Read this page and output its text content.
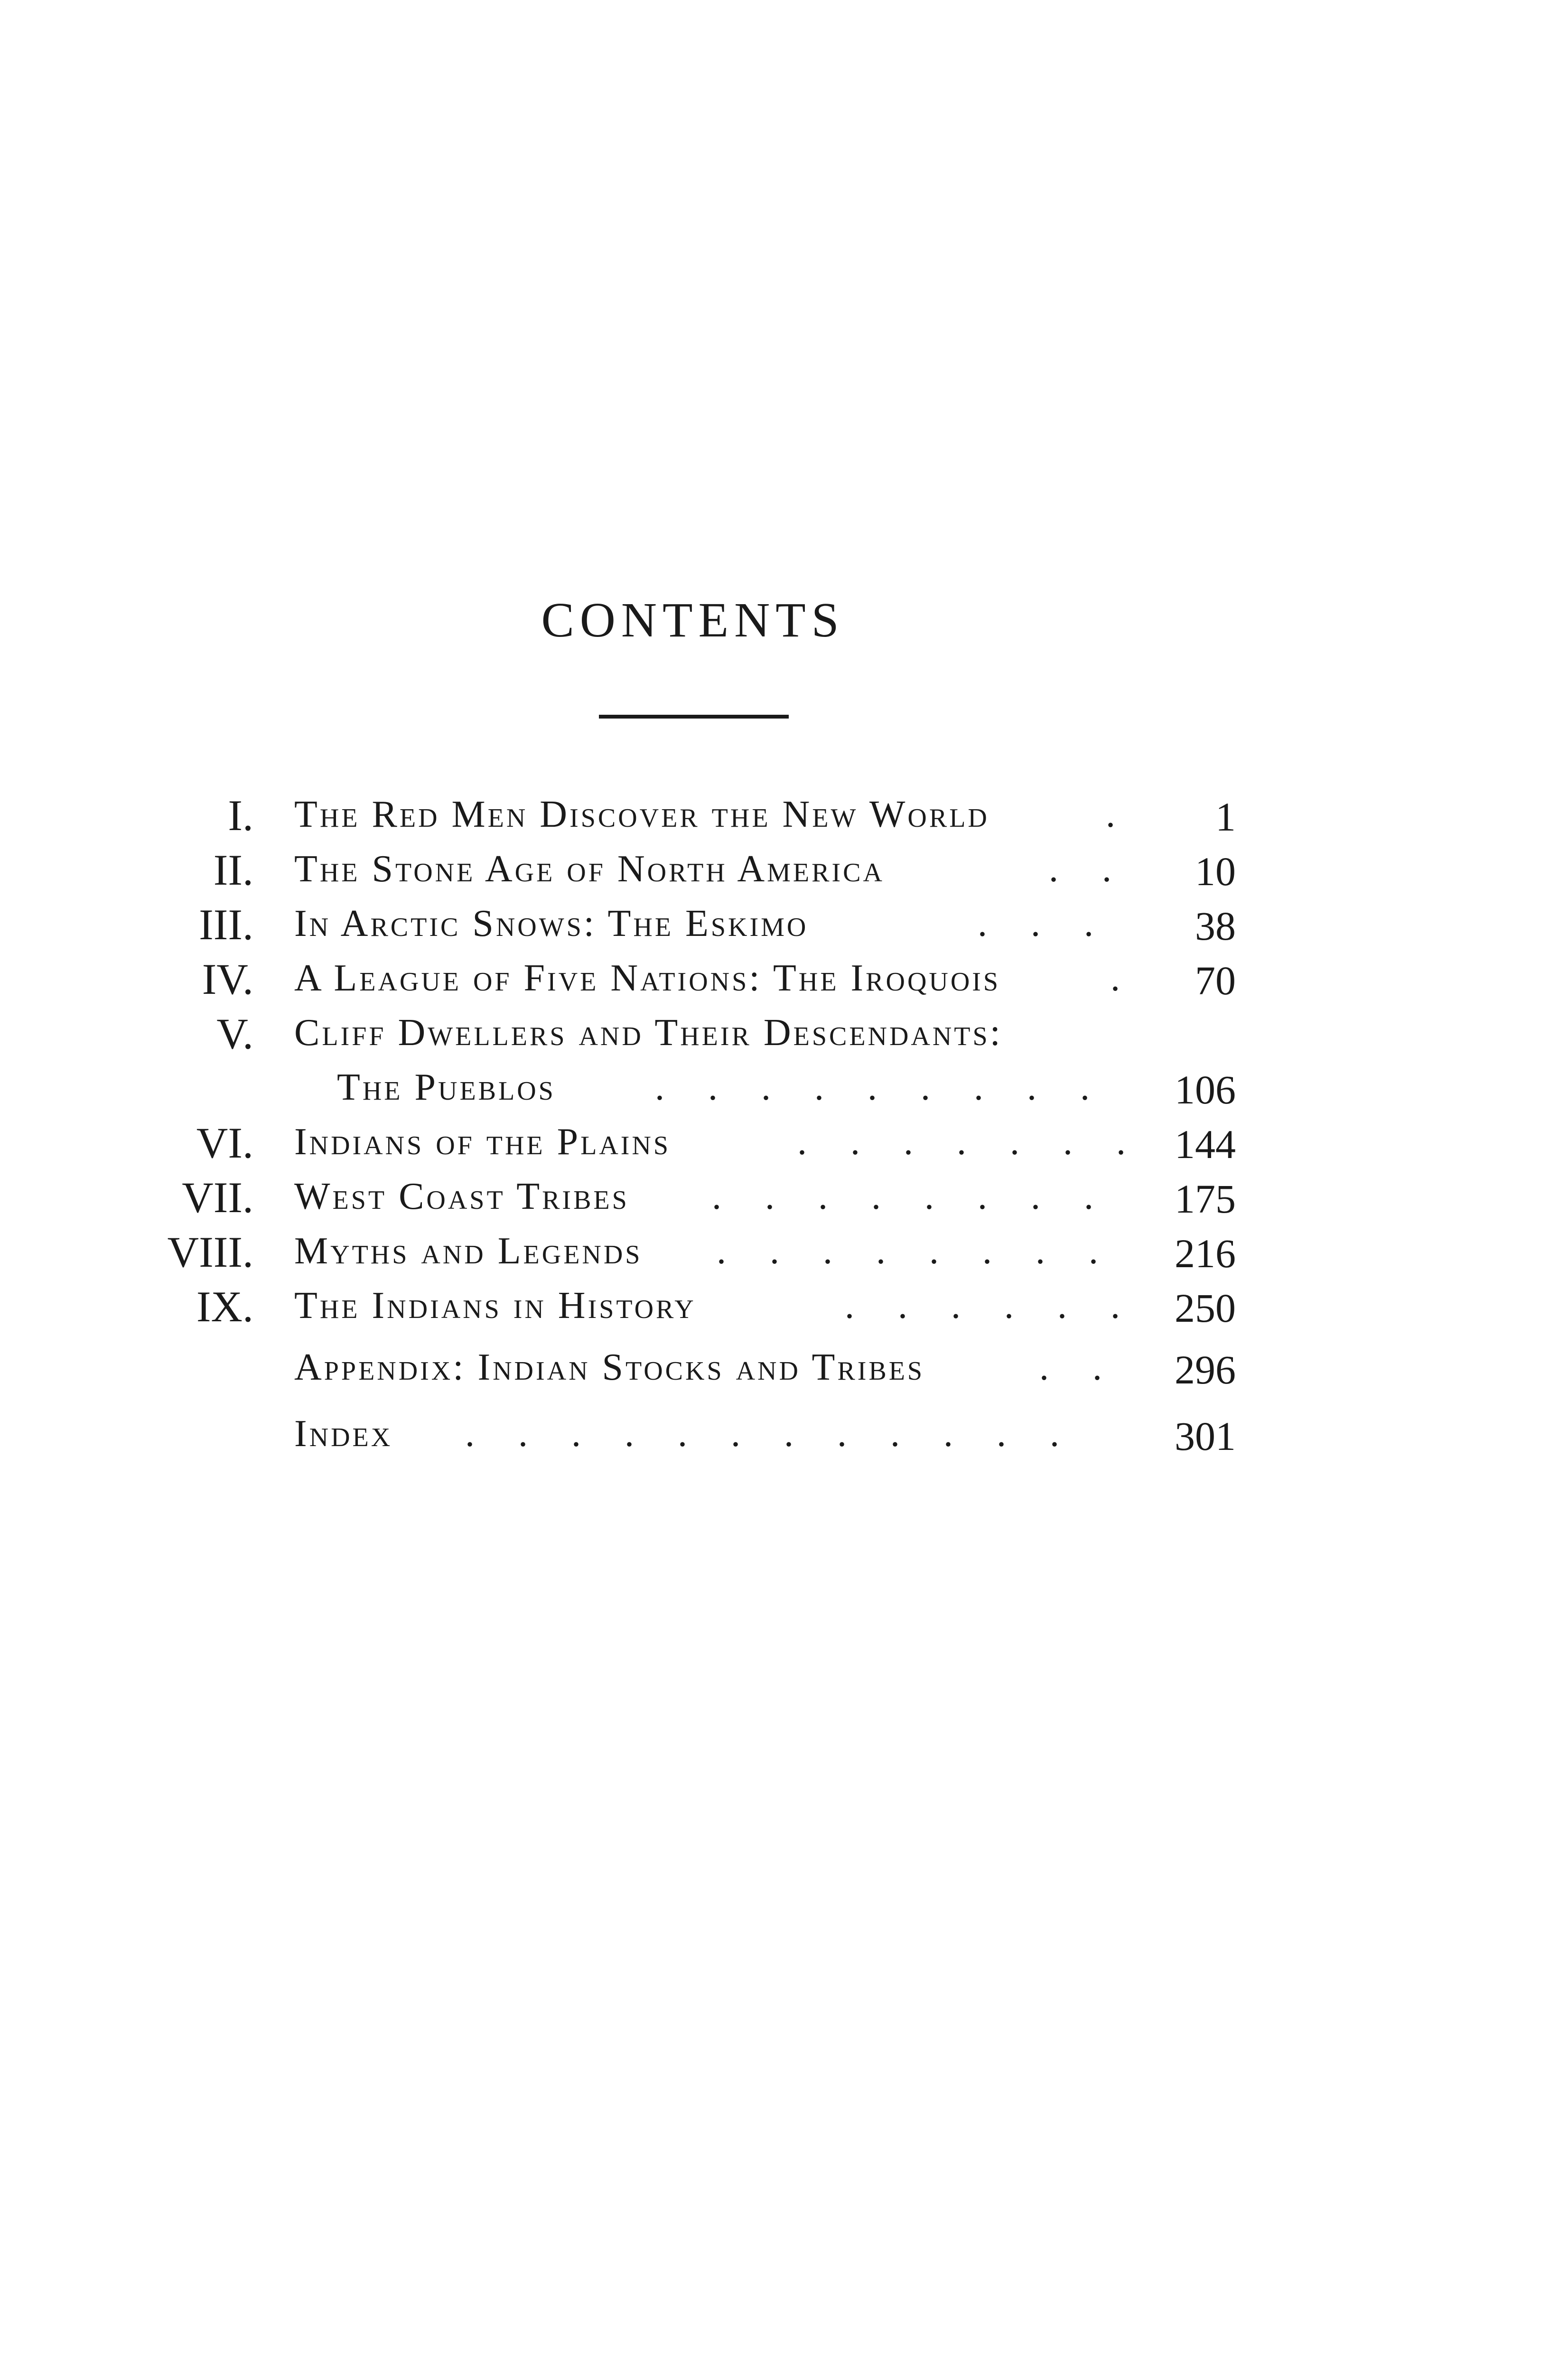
CONTENTS
I. The Red Men Discover the New World	. 1
II. The Stone Age of North America	. . 10
III. In Arctic Snows: The Eskimo	. . . 38
IV. A League of Five Nations: The Iroquois	. 70
V. Cliff Dwellers and Their Descendants:
The Pueblos	. . . . . . . . . 106
VI. Indians of the Plains	. . . . . . . 144
VII. West Coast Tribes . . . . . . . . 175
VIII. Myths and Legends . . . . . . . . 216
IX. The Indians in History	. . . . . . 250
Appendix: Indian Stocks and Tribes	. . 296
Index . . . . . . . . . . . . 301
